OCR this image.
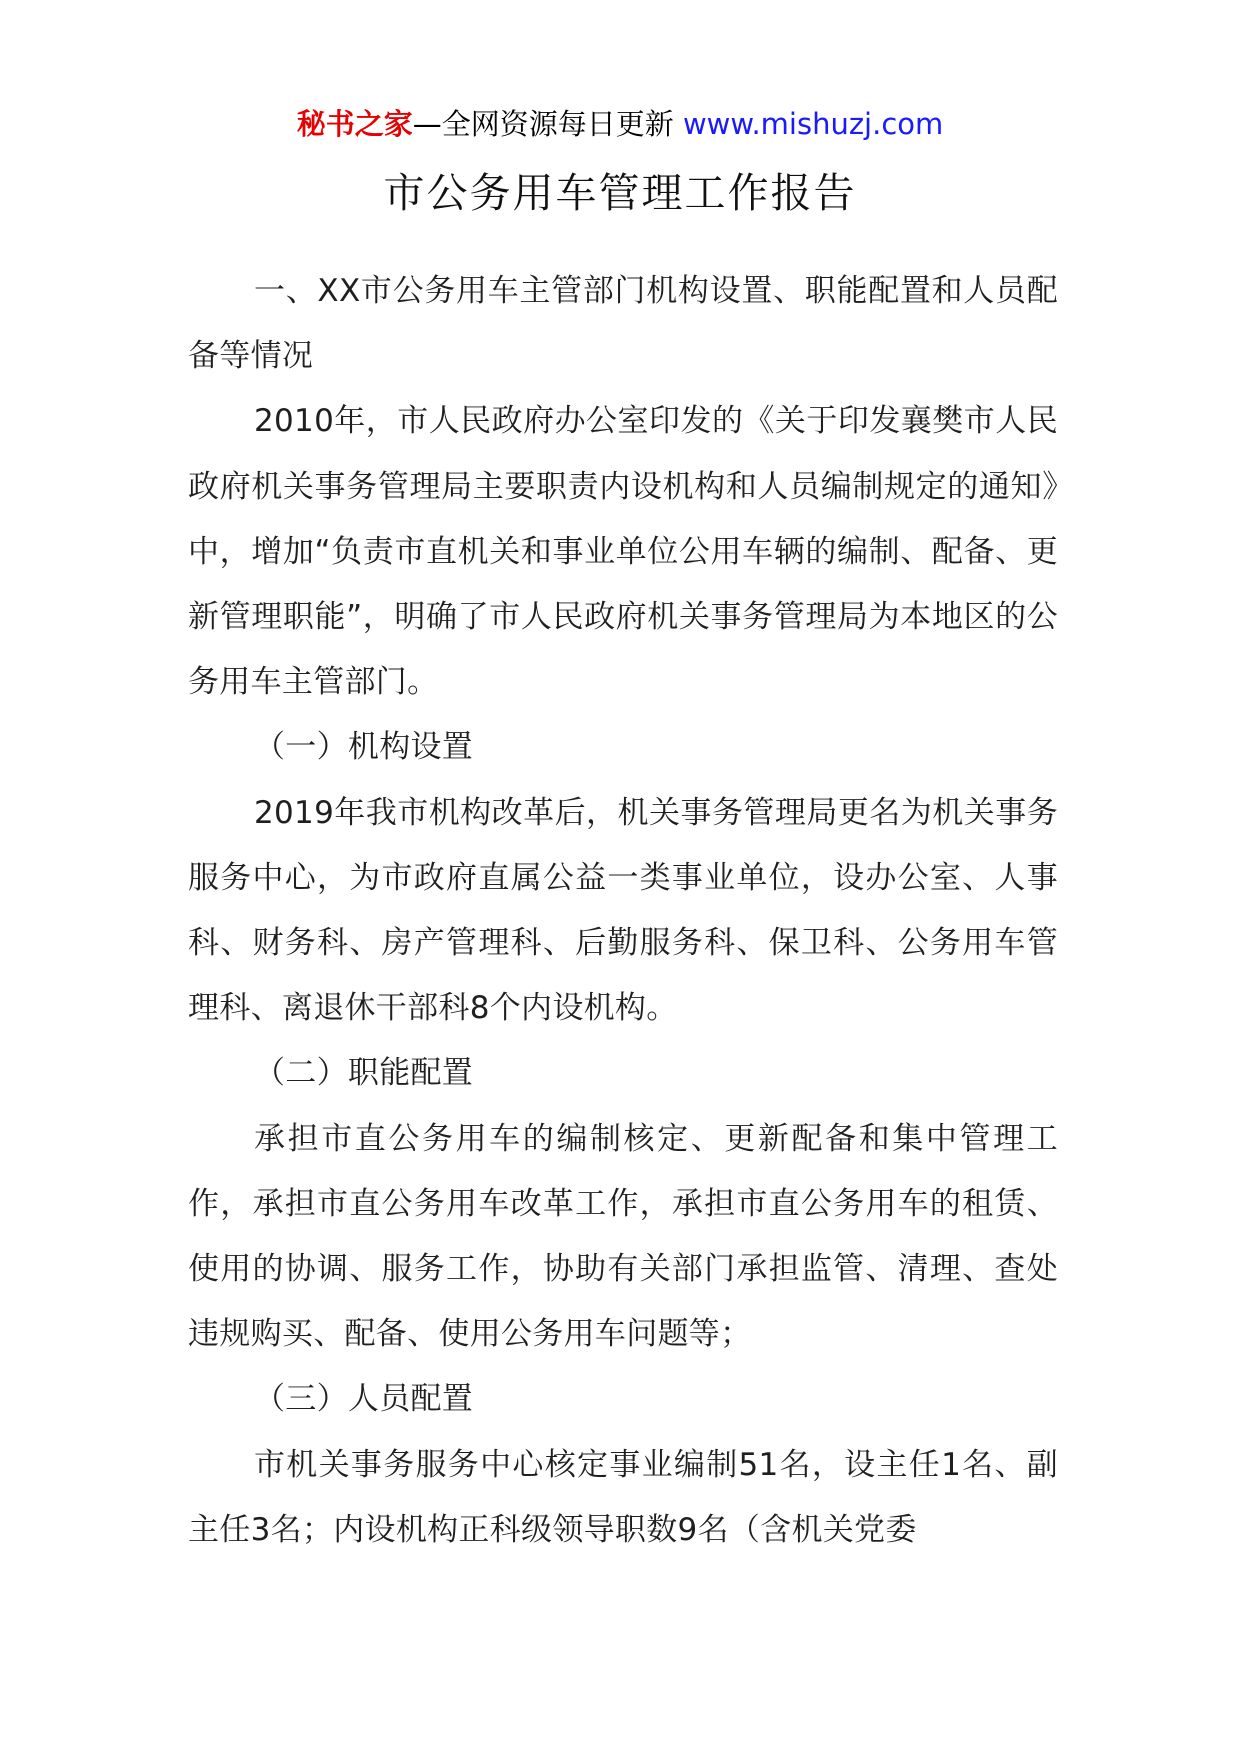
秘书之家—全网资源每日更新 www.mishuzj.com
市公务用车管理工作报告

一、XX市公务用车主管部门机构设置、职能配置和人员配备等情况

2010年，市人民政府办公室印发的《关于印发襄樊市人民政府机关事务管理局主要职责内设机构和人员编制规定的通知》中，增加“负责市直机关和事业单位公用车辆的编制、配备、更新管理职能”，明确了市人民政府机关事务管理局为本地区的公务用车主管部门。

（一）机构设置

2019年我市机构改革后，机关事务管理局更名为机关事务服务中心，为市政府直属公益一类事业单位，设办公室、人事科、财务科、房产管理科、后勤服务科、保卫科、公务用车管理科、离退休干部科8个内设机构。

（二）职能配置

承担市直公务用车的编制核定、更新配备和集中管理工作，承担市直公务用车改革工作，承担市直公务用车的租赁、使用的协调、服务工作，协助有关部门承担监管、清理、查处违规购买、配备、使用公务用车问题等；

（三）人员配置

市机关事务服务中心核定事业编制51名，设主任1名、副主任3名；内设机构正科级领导职数9名（含机关党委
